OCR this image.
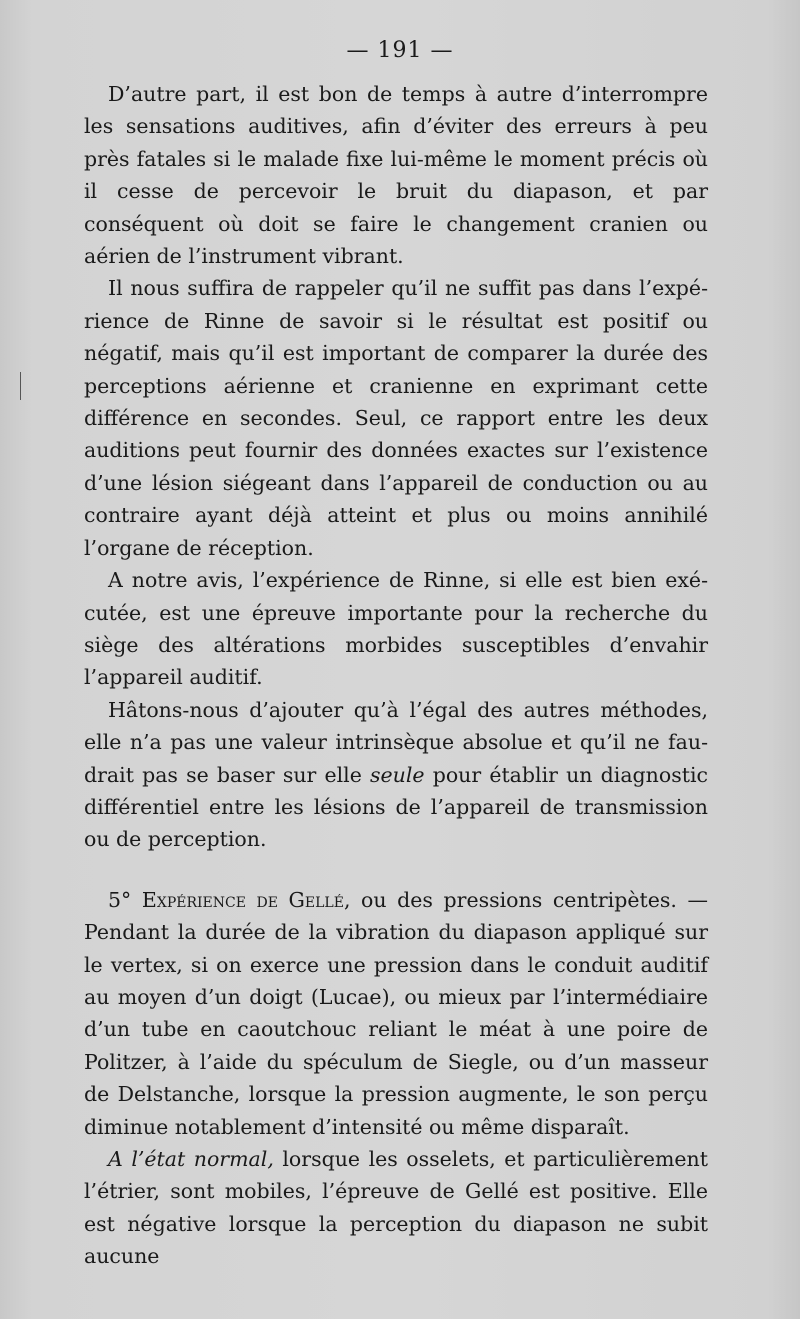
— 191 —

D’autre part, il est bon de temps à autre d’interrompre les sensations auditives, afin d’éviter des erreurs à peu près fatales si le malade fixe lui-même le moment précis où il cesse de percevoir le bruit du diapason, et par conséquent où doit se faire le changement cranien ou aérien de l’instrument vibrant.

Il nous suffira de rappeler qu’il ne suffit pas dans l’expérience de Rinne de savoir si le résultat est positif ou négatif, mais qu’il est important de comparer la durée des perceptions aérienne et cranienne en exprimant cette différence en secondes. Seul, ce rapport entre les deux auditions peut fournir des données exactes sur l’existence d’une lésion siégeant dans l’appareil de conduction ou au contraire ayant déjà atteint et plus ou moins annihilé l’organe de réception.

A notre avis, l’expérience de Rinne, si elle est bien exécutée, est une épreuve importante pour la recherche du siège des altérations morbides susceptibles d’envahir l’appareil auditif.

Hâtons-nous d’ajouter qu’à l’égal des autres méthodes, elle n’a pas une valeur intrinsèque absolue et qu’il ne faudrait pas se baser sur elle seule pour établir un diagnostic différentiel entre les lésions de l’appareil de transmission ou de perception.

5° Expérience de Gellé, ou des pressions centripètes. — Pendant la durée de la vibration du diapason appliqué sur le vertex, si on exerce une pression dans le conduit auditif au moyen d’un doigt (Lucae), ou mieux par l’intermédiaire d’un tube en caoutchouc reliant le méat à une poire de Politzer, à l’aide du spéculum de Siegle, ou d’un masseur de Delstanche, lorsque la pression augmente, le son perçu diminue notablement d’intensité ou même disparaît.

A l’état normal, lorsque les osselets, et particulièrement l’étrier, sont mobiles, l’épreuve de Gellé est positive. Elle est négative lorsque la perception du diapason ne subit aucune
